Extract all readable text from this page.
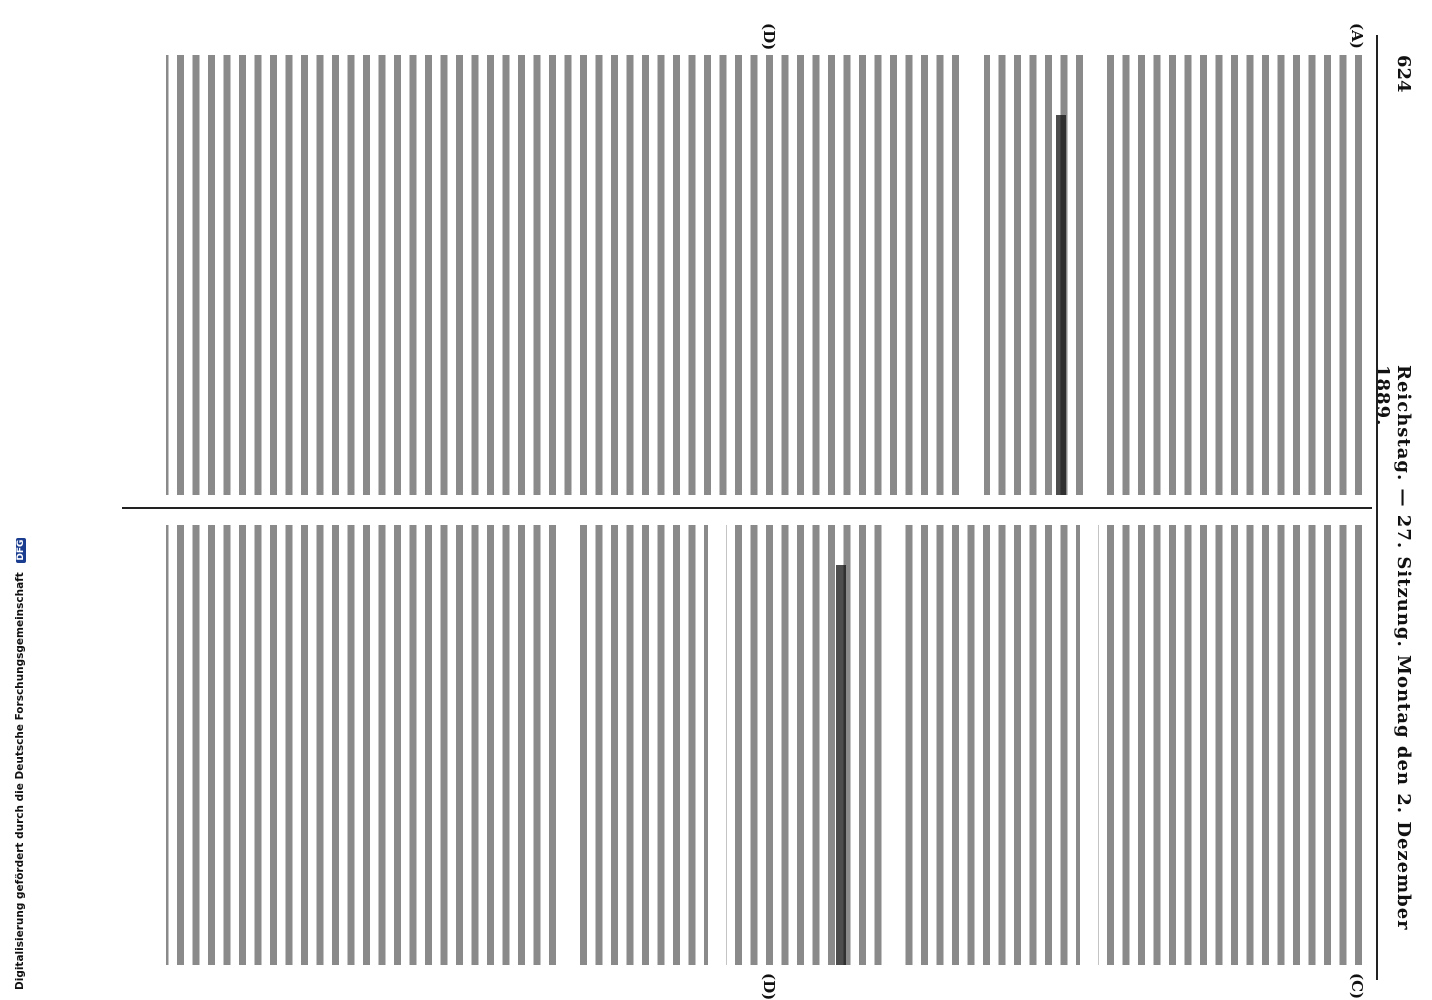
Digitalisierung gefördert durch die Deutsche Forschungsgemeinschaft DFG
624
Reichstag. — 27. Sitzung. Montag den 2. Dezember 1889.
(A)
(C)
(D)
(D)
